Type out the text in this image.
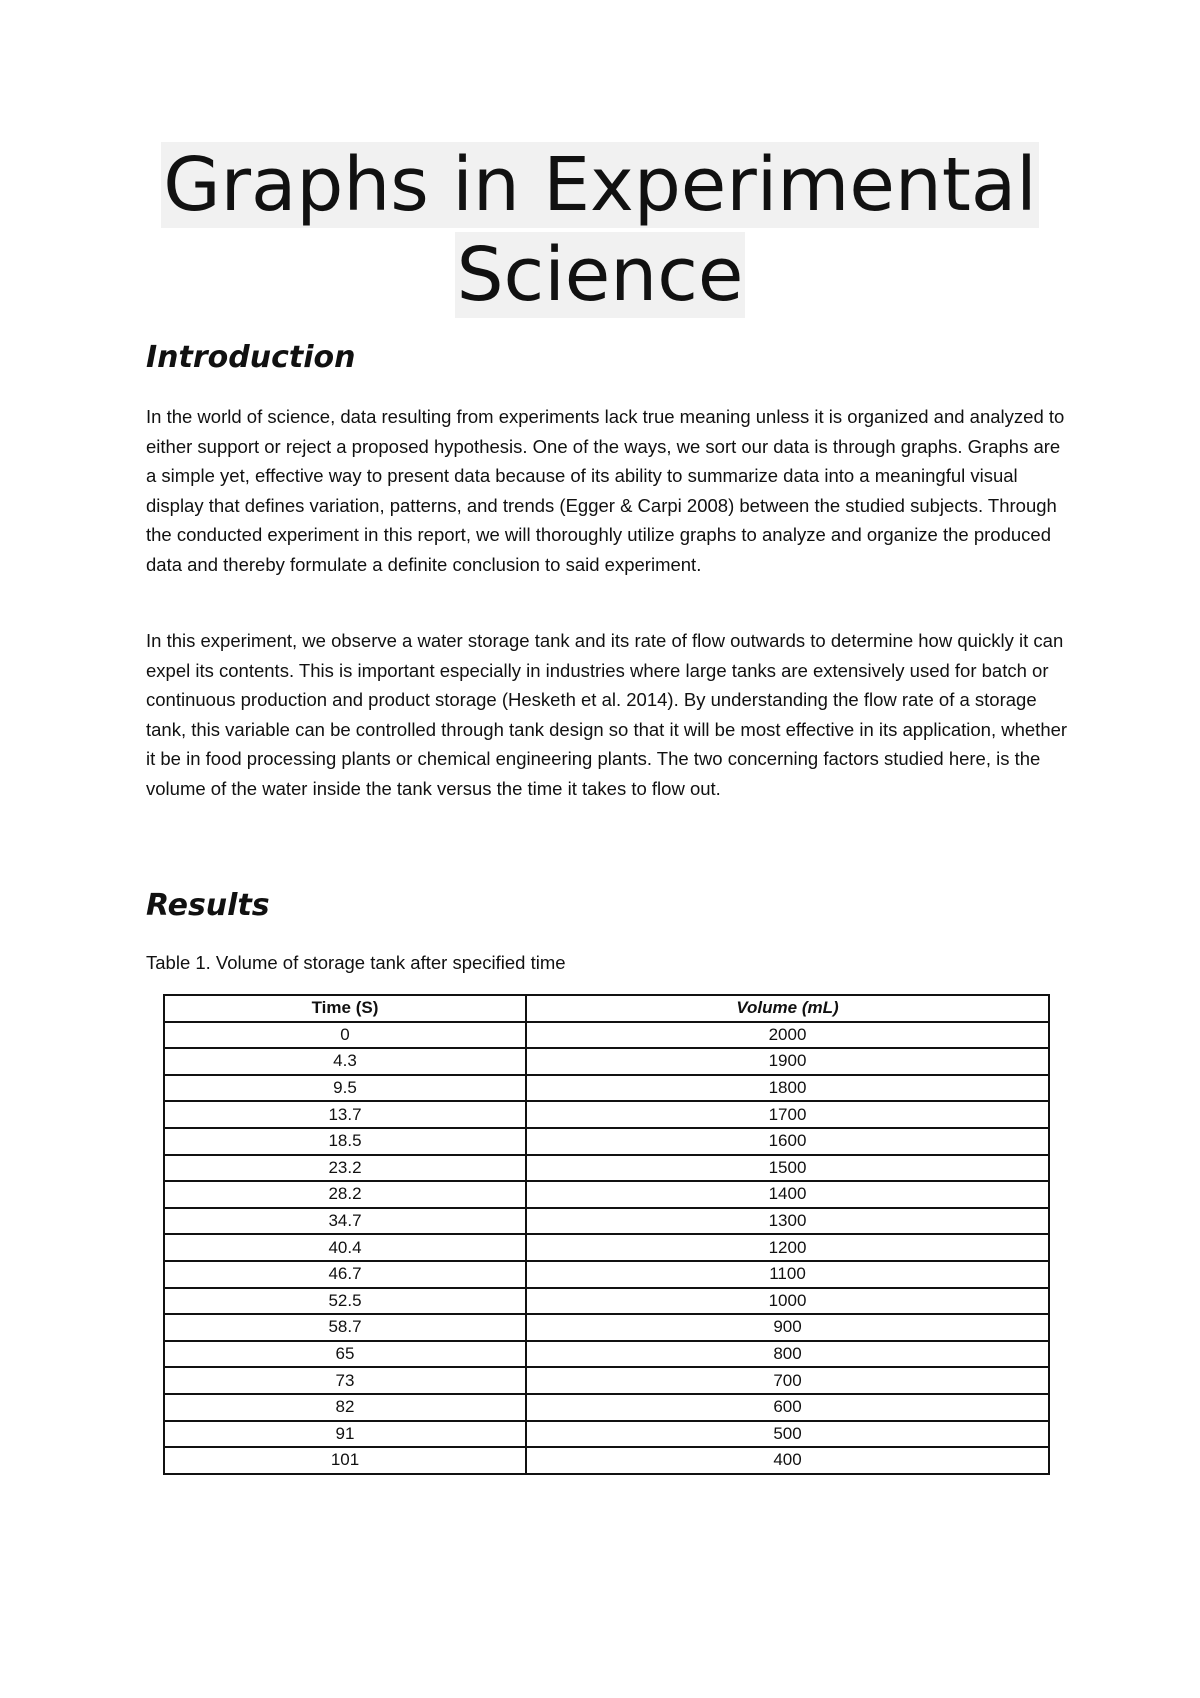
Graphs in Experimental
Science
Introduction

In the world of science, data resulting from experiments lack true meaning unless it is organized and analyzed to either support or reject a proposed hypothesis. One of the ways, we sort our data is through graphs. Graphs are a simple yet, effective way to present data because of its ability to summarize data into a meaningful visual display that defines variation, patterns, and trends (Egger & Carpi 2008) between the studied subjects. Through the conducted experiment in this report, we will thoroughly utilize graphs to analyze and organize the produced data and thereby formulate a definite conclusion to said experiment.

In this experiment, we observe a water storage tank and its rate of flow outwards to determine how quickly it can expel its contents. This is important especially in industries where large tanks are extensively used for batch or continuous production and product storage (Hesketh et al. 2014). By understanding the flow rate of a storage tank, this variable can be controlled through tank design so that it will be most effective in its application, whether it be in food processing plants or chemical engineering plants. The two concerning factors studied here, is the volume of the water inside the tank versus the time it takes to flow out.

Results

Table 1. Volume of storage tank after specified time

Time (S)	Volume (mL)
0	2000
4.3	1900
9.5	1800
13.7	1700
18.5	1600
23.2	1500
28.2	1400
34.7	1300
40.4	1200
46.7	1100
52.5	1000
58.7	900
65	800
73	700
82	600
91	500
101	400
